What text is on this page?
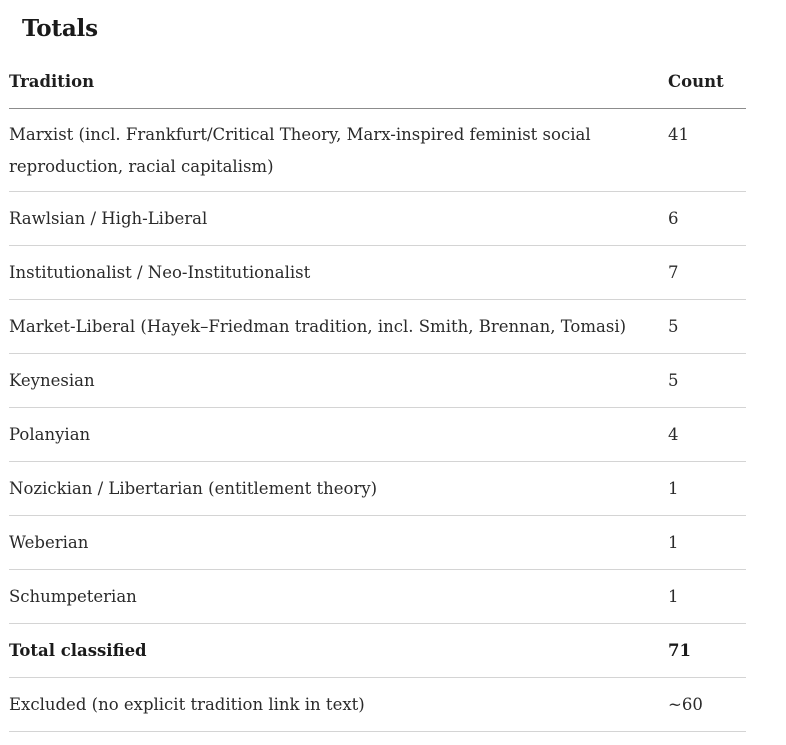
Totals
Tradition	Count
Marxist (incl. Frankfurt/Critical Theory, Marx-inspired feminist social reproduction, racial capitalism)	41
Rawlsian / High-Liberal	6
Institutionalist / Neo-Institutionalist	7
Market-Liberal (Hayek–Friedman tradition, incl. Smith, Brennan, Tomasi)	5
Keynesian	5
Polanyian	4
Nozickian / Libertarian (entitlement theory)	1
Weberian	1
Schumpeterian	1
Total classified	71
Excluded (no explicit tradition link in text)	~60
